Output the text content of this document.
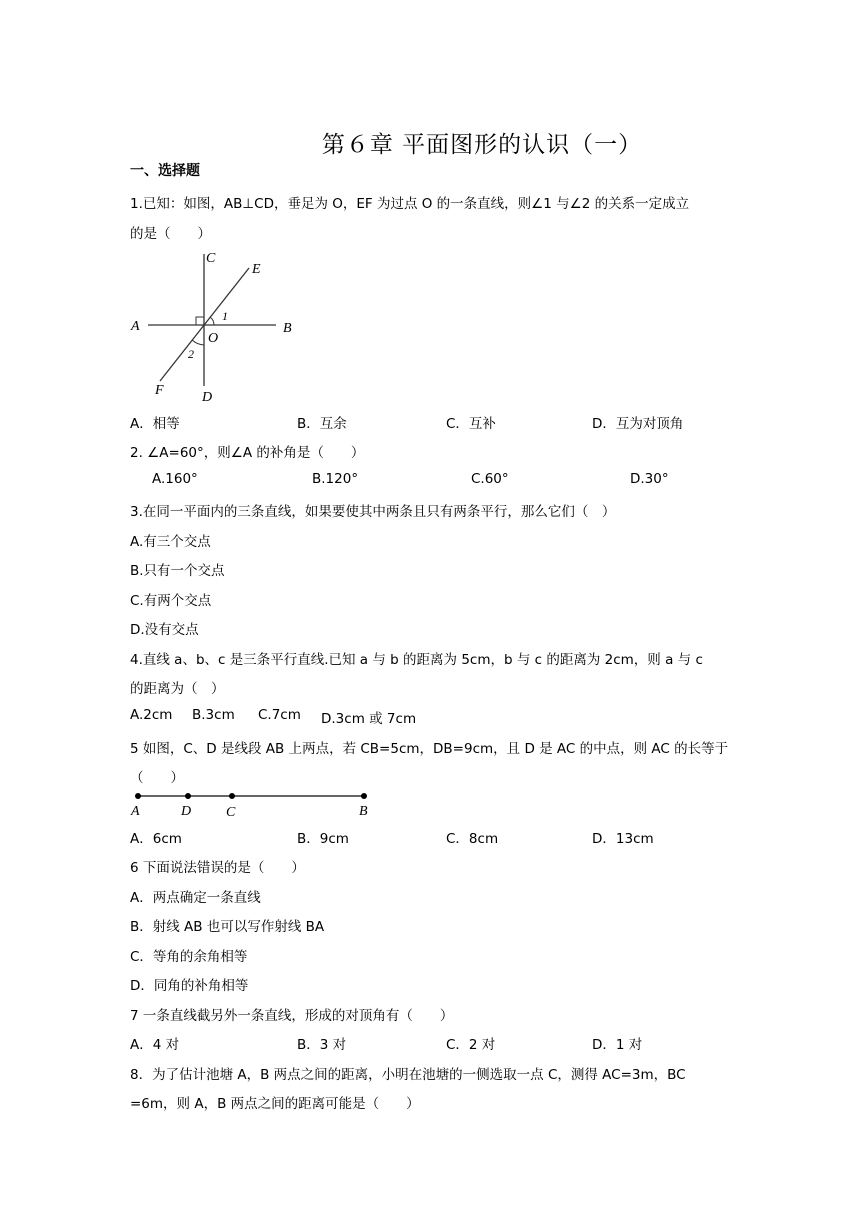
第６章 平面图形的认识（一）
一、选择题
1.已知：如图，AB⊥CD，垂足为 O，EF 为过点 O 的一条直线，则∠1 与∠2 的关系一定成立
的是（　　）
C
E
A	B
O
1
2
F	D
A．相等	B．互余	C．互补	D．互为对顶角
2. ∠A=60°，则∠A 的补角是（　　）
A.160°	B.120°	C.60°	D.30°
3.在同一平面内的三条直线，如果要使其中两条且只有两条平行，那么它们（　）
A.有三个交点
B.只有一个交点
C.有两个交点
D.没有交点
4.直线 a、b、c 是三条平行直线.已知 a 与 b 的距离为 5cm，b 与 c 的距离为 2cm，则 a 与 c
的距离为（　）
A.2cm B.3cm C.7cm D.3cm 或 7cm
5 如图，C、D 是线段 AB 上两点，若 CB=5cm，DB=9cm，且 D 是 AC 的中点，则 AC 的长等于
（　　）
A	D C	B
A．6cm	B．9cm	C．8cm	D．13cm
6 下面说法错误的是（　　）
A．两点确定一条直线
B．射线 AB 也可以写作射线 BA
C．等角的余角相等
D．同角的补角相等
7 一条直线截另外一条直线，形成的对顶角有（　　）
A．4 对	B．3 对	C．2 对	D．1 对
8．为了估计池塘 A，B 两点之间的距离，小明在池塘的一侧选取一点 C，测得 AC=3m，BC
=6m，则 A，B 两点之间的距离可能是（　　）
